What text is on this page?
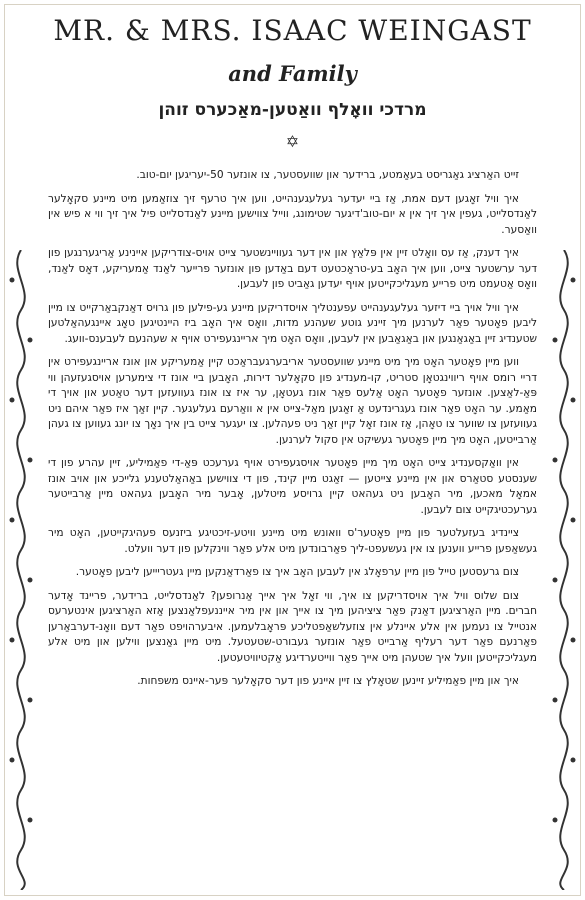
MR. & MRS. ISAAC WEINGAST
and Family
מרדכי וואָלף וואַטען-מאַכערס זוהן
✡

זייט האַרציג גאַגריסט בעאַמטע, ברידער און שוועסטער, צו אונזער 50-יעריגען יום-טוב.

איך וויל זאָגען דעם אמת, אַז ביי יעדער געלעגענהייט, ווען איך טרעף זיך צוזאַמען מיט מיינע סקאָלער לאַנדסלייט, געפין איך זיך אין א יום-טוב'דיגער שטימונג, ווייל צווישען מיינע לאַנדסלייט פיל איך זיך ווי א פיש אין וואַסער.

איך דענק, אַז עס וואָלט זיין אין פּלאַץ און אין דער געוויינשטער צייט אויס-צודריקען איינינע אַריגערנגען פון דער ערשטער צייט, ווען איך האָב בע-טראַכטעט דעם באַדען פון אונזער פרייער לאַנד אַמעריקע, דאָס לאַנד, וואָס אַטעמט מיט פרייע מעגליכקייטען אויף יעדען גאַביט פון לעבען.

איך וויל אויך ביי דיזער געלעגענהייט עפענטליך אויסדריקען מיינע גע-פילען פון גרויס דאַנקבאַרקייט צו מיין ליבען פאָטער פאַר לערנען מיך זיינע גוטע שעהנע מדות, וואָס איך האָב ביז היינטיגען טאָג איינגעהאַלטען שטענדיג זיין באַגאַנגען און באַגאַבען אין לעבען, וואָס האָט מיך אריינגעפירט אויף א שעהנעם לעבענס-וועג.

ווען מיין פאָטער האָט מיך מיט מיינע שוועסטער אריבערגעבראַכט קיין אַמעריקע און אונז אריינגעפירט אין דריי רומס אויף ריווינגטאָן סטריט, קו-מענדיג פון סקאָלער דירות, האָבען ביי אונז די צימערען אויסגעזעהן ווי פּאַ-לאַצען. אונזער פאָטער האָט אַלעס פאַר אונז געטאָן, ער איז צו אונז געוועזען דער טאַטע און אויך די מאַמע. ער האָט פאַר אונז געגרינדעט אַ זאַגען מאַל-צייט אין א וואַרעם געלעגער. קיין זאַך איז פאַר איהם ניט געוועזען צו שווער צו טאָהן, אַז אונז זאָל קיין זאַך ניט פעהלען. צו יעגער צייט בין איך נאָך צו יונג געווען צו געהן אַרבייטען, האָט מיך מיין פאָטער געשיקט אין סקול לערנען.

אין וואַקסענדיג צייט האָט מיך מיין פאָטער אויסגעפירט אויף גערעכט פּאַ-די פאַמיליע, זיין עהרע פון די שענסטע סטאַרס און אין מיינע צייטען — זאַגט מיין קינד, פון די צווישען באַהאַלטענע גלייכע און אויב אונז אמאָל מאכען, מיר האָבען ניט געהאט קיין גרויסע מיטלען, אָבער מיר האָבען געהאט מיין אַרבייטער גערעכטיגקייט צום לעבען.

ציינדיג בעזעלטער פון מיין פאָטער'ס וואונש מיט מיינע וויטע-זיכטיגע ביזנעס פעהיגקייטען, האָט מיר געשאַפען פרייע ווענען צו אין געשעפט-ליך פאַרבונדען מיט אלע פאַר ווינקלען פון דער וועלט.

צום גרעסטען טייל פון מיין ערפאָלג אין לעבען האָב איך צו פאַרדאַנקען מיין געטריייען ליבען פאָטער.

צום שלוס וויל איך אויסדריקען צו איך, ווי זאָל איך אייך אַנרופען? לאַנדסלייט, ברידער, פריינד אָדער חברים. מיין האַרציגען דאַנק פאַר ציציהען מיך צו אייך און אין מיר אייננעפלאַנצען אַזא האַרציגען אינטערעס אנטייל צו נעמען אין אלע איינלע אין צוזעלשאַפטליכע פּראָבלעמען. איבערהויפט פאַר דעם וואָנ-דערבאַרען פאַרנעם פאַר דער רעליף אַרבייט פאַר אונזער געבורט-שטעטעל. מיט מיין גאַנצען ווילען און מיט אלע מעגליכקייטען וועל איך שטעהן מיט אייך פאַר ווייטערדיגע אַקטיוויטעטען.

איך און מיין פאַמיליע זיינען שטאָלץ צו זיין איינע פון דער סקאָלער פּער-איינס משפחות.
